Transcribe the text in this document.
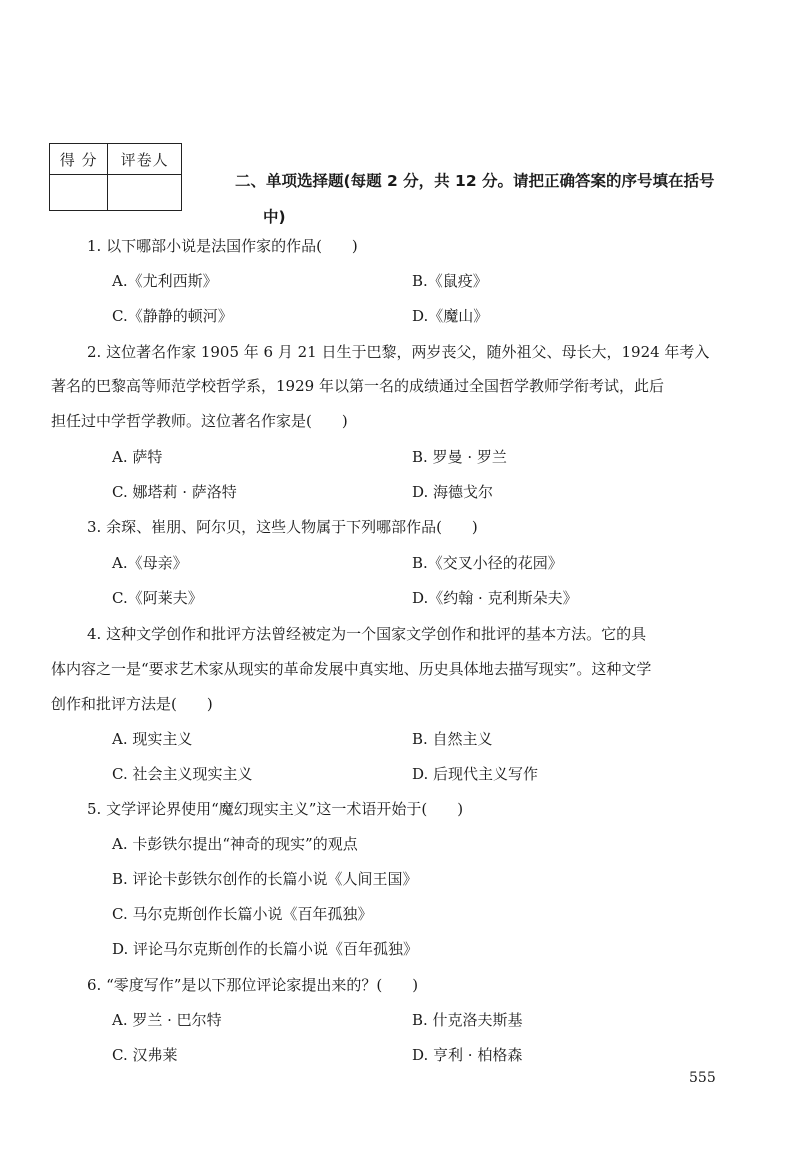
得 分	评卷人

二、单项选择题(每题 2 分，共 12 分。请把正确答案的序号填在括号
中)
1. 以下哪部小说是法国作家的作品(　　)
A.《尤利西斯》	B.《鼠疫》
C.《静静的顿河》	D.《魔山》
2. 这位著名作家 1905 年 6 月 21 日生于巴黎，两岁丧父，随外祖父、母长大，1924 年考入
著名的巴黎高等师范学校哲学系，1929 年以第一名的成绩通过全国哲学教师学衔考试，此后
担任过中学哲学教师。这位著名作家是(　　)
A. 萨特	B. 罗曼 · 罗兰
C. 娜塔莉 · 萨洛特	D. 海德戈尔
3. 余琛、崔朋、阿尔贝，这些人物属于下列哪部作品(　　)
A.《母亲》	B.《交叉小径的花园》
C.《阿莱夫》	D.《约翰 · 克利斯朵夫》
4. 这种文学创作和批评方法曾经被定为一个国家文学创作和批评的基本方法。它的具
体内容之一是“要求艺术家从现实的革命发展中真实地、历史具体地去描写现实”。这种文学
创作和批评方法是(　　)
A. 现实主义	B. 自然主义
C. 社会主义现实主义	D. 后现代主义写作
5. 文学评论界使用“魔幻现实主义”这一术语开始于(　　)
A. 卡彭铁尔提出“神奇的现实”的观点
B. 评论卡彭铁尔创作的长篇小说《人间王国》
C. 马尔克斯创作长篇小说《百年孤独》
D. 评论马尔克斯创作的长篇小说《百年孤独》
6. “零度写作”是以下那位评论家提出来的？(　　)
A. 罗兰 · 巴尔特	B. 什克洛夫斯基
C. 汉弗莱	D. 亨利 · 柏格森
555
